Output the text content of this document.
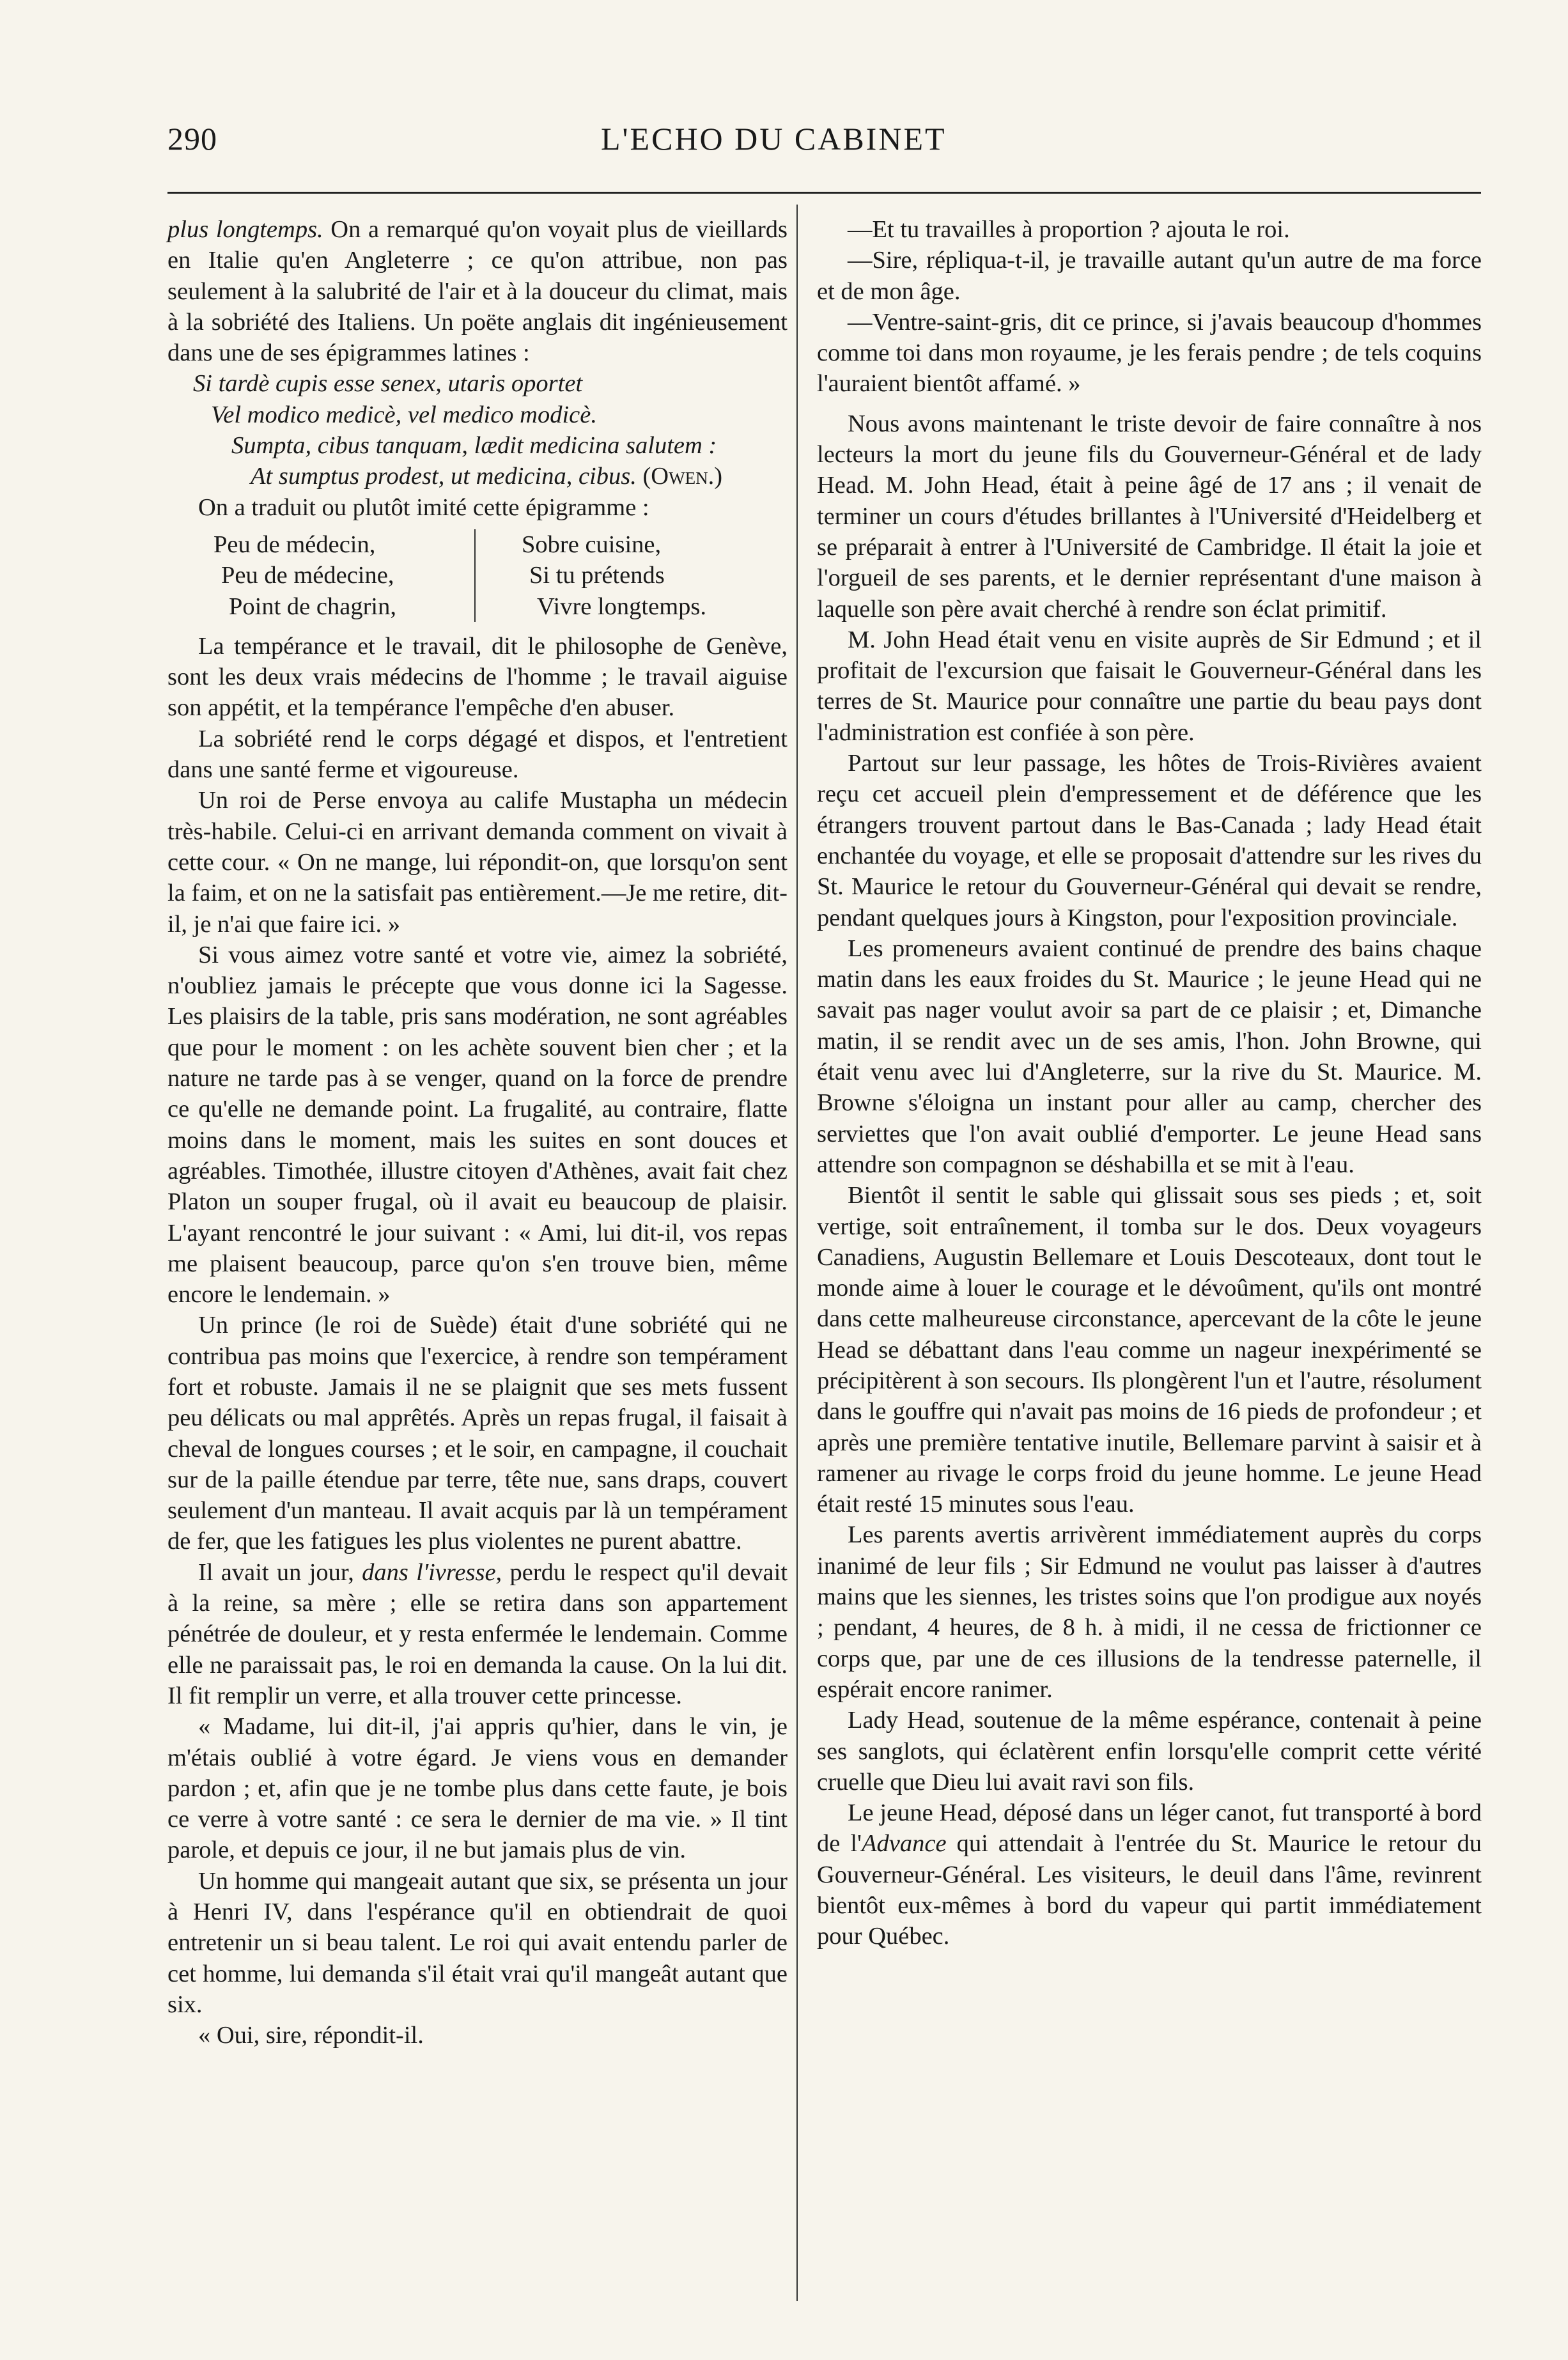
290	L'ECHO DU CABINET

plus longtemps. On a remarqué qu'on voyait plus de vieillards en Italie qu'en Angleterre ; ce qu'on attribue, non pas seulement à la salubrité de l'air et à la douceur du climat, mais à la sobriété des Italiens. Un poëte anglais dit ingénieusement dans une de ses épigrammes latines :

Si tardè cupis esse senex, utaris oportet
Vel modico medicè, vel medico modicè.
Sumpta, cibus tanquam, lædit medicina salutem :
At sumptus prodest, ut medicina, cibus. (Owen.)

On a traduit ou plutôt imité cette épigramme :

Peu de médecin,
Peu de médecine,
Point de chagrin,
Sobre cuisine,
Si tu prétends
Vivre longtemps.

La tempérance et le travail, dit le philosophe de Genève, sont les deux vrais médecins de l'homme ; le travail aiguise son appétit, et la tempérance l'empêche d'en abuser.

La sobriété rend le corps dégagé et dispos, et l'entretient dans une santé ferme et vigoureuse.

Un roi de Perse envoya au calife Mustapha un médecin très-habile. Celui-ci en arrivant demanda comment on vivait à cette cour. « On ne mange, lui répondit-on, que lorsqu'on sent la faim, et on ne la satisfait pas entièrement.—Je me retire, dit-il, je n'ai que faire ici. »

Si vous aimez votre santé et votre vie, aimez la sobriété, n'oubliez jamais le précepte que vous donne ici la Sagesse. Les plaisirs de la table, pris sans modération, ne sont agréables que pour le moment : on les achète souvent bien cher ; et la nature ne tarde pas à se venger, quand on la force de prendre ce qu'elle ne demande point. La frugalité, au contraire, flatte moins dans le moment, mais les suites en sont douces et agréables. Timothée, illustre citoyen d'Athènes, avait fait chez Platon un souper frugal, où il avait eu beaucoup de plaisir. L'ayant rencontré le jour suivant : « Ami, lui dit-il, vos repas me plaisent beaucoup, parce qu'on s'en trouve bien, même encore le lendemain. »

Un prince (le roi de Suède) était d'une sobriété qui ne contribua pas moins que l'exercice, à rendre son tempérament fort et robuste. Jamais il ne se plaignit que ses mets fussent peu délicats ou mal apprêtés. Après un repas frugal, il faisait à cheval de longues courses ; et le soir, en campagne, il couchait sur de la paille étendue par terre, tête nue, sans draps, couvert seulement d'un manteau. Il avait acquis par là un tempérament de fer, que les fatigues les plus violentes ne purent abattre.

Il avait un jour, dans l'ivresse, perdu le respect qu'il devait à la reine, sa mère ; elle se retira dans son appartement pénétrée de douleur, et y resta enfermée le lendemain. Comme elle ne paraissait pas, le roi en demanda la cause. On la lui dit. Il fit remplir un verre, et alla trouver cette princesse.

« Madame, lui dit-il, j'ai appris qu'hier, dans le vin, je m'étais oublié à votre égard. Je viens vous en demander pardon ; et, afin que je ne tombe plus dans cette faute, je bois ce verre à votre santé : ce sera le dernier de ma vie. » Il tint parole, et depuis ce jour, il ne but jamais plus de vin.

Un homme qui mangeait autant que six, se présenta un jour à Henri IV, dans l'espérance qu'il en obtiendrait de quoi entretenir un si beau talent. Le roi qui avait entendu parler de cet homme, lui demanda s'il était vrai qu'il mangeât autant que six.

« Oui, sire, répondit-il.

—Et tu travailles à proportion ? ajouta le roi.

—Sire, répliqua-t-il, je travaille autant qu'un autre de ma force et de mon âge.

—Ventre-saint-gris, dit ce prince, si j'avais beaucoup d'hommes comme toi dans mon royaume, je les ferais pendre ; de tels coquins l'auraient bientôt affamé. »

Nous avons maintenant le triste devoir de faire connaître à nos lecteurs la mort du jeune fils du Gouverneur-Général et de lady Head. M. John Head, était à peine âgé de 17 ans ; il venait de terminer un cours d'études brillantes à l'Université d'Heidelberg et se préparait à entrer à l'Université de Cambridge. Il était la joie et l'orgueil de ses parents, et le dernier représentant d'une maison à laquelle son père avait cherché à rendre son éclat primitif.

M. John Head était venu en visite auprès de Sir Edmund ; et il profitait de l'excursion que faisait le Gouverneur-Général dans les terres de St. Maurice pour connaître une partie du beau pays dont l'administration est confiée à son père.

Partout sur leur passage, les hôtes de Trois-Rivières avaient reçu cet accueil plein d'empressement et de déférence que les étrangers trouvent partout dans le Bas-Canada ; lady Head était enchantée du voyage, et elle se proposait d'attendre sur les rives du St. Maurice le retour du Gouverneur-Général qui devait se rendre, pendant quelques jours à Kingston, pour l'exposition provinciale.

Les promeneurs avaient continué de prendre des bains chaque matin dans les eaux froides du St. Maurice ; le jeune Head qui ne savait pas nager voulut avoir sa part de ce plaisir ; et, Dimanche matin, il se rendit avec un de ses amis, l'hon. John Browne, qui était venu avec lui d'Angleterre, sur la rive du St. Maurice. M. Browne s'éloigna un instant pour aller au camp, chercher des serviettes que l'on avait oublié d'emporter. Le jeune Head sans attendre son compagnon se déshabilla et se mit à l'eau.

Bientôt il sentit le sable qui glissait sous ses pieds ; et, soit vertige, soit entraînement, il tomba sur le dos. Deux voyageurs Canadiens, Augustin Bellemare et Louis Descoteaux, dont tout le monde aime à louer le courage et le dévoûment, qu'ils ont montré dans cette malheureuse circonstance, apercevant de la côte le jeune Head se débattant dans l'eau comme un nageur inexpérimenté se précipitèrent à son secours. Ils plongèrent l'un et l'autre, résolument dans le gouffre qui n'avait pas moins de 16 pieds de profondeur ; et après une première tentative inutile, Bellemare parvint à saisir et à ramener au rivage le corps froid du jeune homme. Le jeune Head était resté 15 minutes sous l'eau.

Les parents avertis arrivèrent immédiatement auprès du corps inanimé de leur fils ; Sir Edmund ne voulut pas laisser à d'autres mains que les siennes, les tristes soins que l'on prodigue aux noyés ; pendant, 4 heures, de 8 h. à midi, il ne cessa de frictionner ce corps que, par une de ces illusions de la tendresse paternelle, il espérait encore ranimer.

Lady Head, soutenue de la même espérance, contenait à peine ses sanglots, qui éclatèrent enfin lorsqu'elle comprit cette vérité cruelle que Dieu lui avait ravi son fils.

Le jeune Head, déposé dans un léger canot, fut transporté à bord de l'Advance qui attendait à l'entrée du St. Maurice le retour du Gouverneur-Général. Les visiteurs, le deuil dans l'âme, revinrent bientôt eux-mêmes à bord du vapeur qui partit immédiatement pour Québec.
